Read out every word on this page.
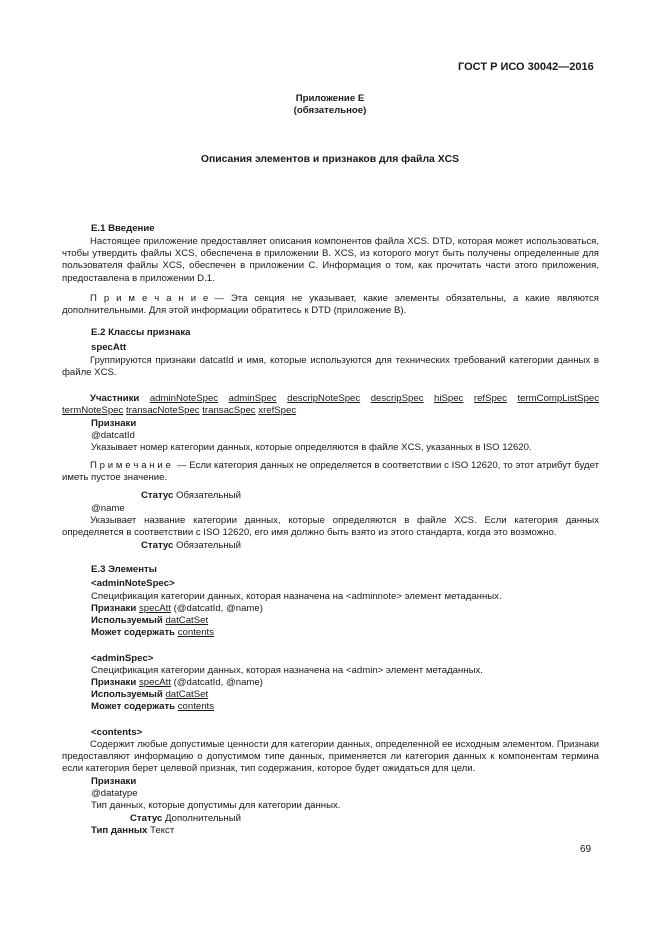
ГОСТ Р ИСО 30042—2016
Приложение Е
(обязательное)
Описания элементов и признаков для файла XCS
Е.1 Введение
Настоящее приложение предоставляет описания компонентов файла XCS. DTD, которая может использоваться, чтобы утвердить файлы XCS, обеспечена в приложении В. XCS, из которого могут быть получены определенные для пользователя файлы XCS, обеспечен в приложении С. Информация о том, как прочитать части этого приложения, предоставлена в приложении D.1.
П р и м е ч а н и е — Эта секция не указывает, какие элементы обязательны, а какие являются дополнительными. Для этой информации обратитесь к DTD (приложение В).
Е.2 Классы признака
specAtt
Группируются признаки datcatId и имя, которые используются для технических требований категории данных в файле XCS.
Участники adminNoteSpec adminSpec descripNoteSpec descripSpec hiSpec refSpec termCompListSpec termNoteSpec transacNoteSpec transacSpec xrefSpec
Признаки
@datcatId
Указывает номер категории данных, которые определяются в файле XCS, указанных в ISO 12620.
П р и м е ч а н и е — Если категория данных не определяется в соответствии с ISO 12620, то этот атрибут будет иметь пустое значение.
Статус Обязательный
@name
Указывает название категории данных, которые определяются в файле XCS. Если категория данных определяется в соответствии с ISO 12620, его имя должно быть взято из этого стандарта, когда это возможно.
Статус Обязательный
Е.3 Элементы
<adminNoteSpec>
Спецификация категории данных, которая назначена на <adminnote> элемент метаданных.
Признаки specAtt (@datcatId, @name)
Используемый datCatSet
Может содержать contents
<adminSpec>
Спецификация категории данных, которая назначена на <admin> элемент метаданных.
Признаки specAtt (@datcatId, @name)
Используемый datCatSet
Может содержать contents
<contents>
Содержит любые допустимые ценности для категории данных, определенной ее исходным элементом. Признаки предоставляют информацию о допустимом типе данных, применяется ли категория данных к компонентам термина если категория берет целевой признак, тип содержания, которое будет ожидаться для цели.
Признаки
@datatype
Тип данных, которые допустимы для категории данных.
Статус Дополнительный
Тип данных Текст
69
